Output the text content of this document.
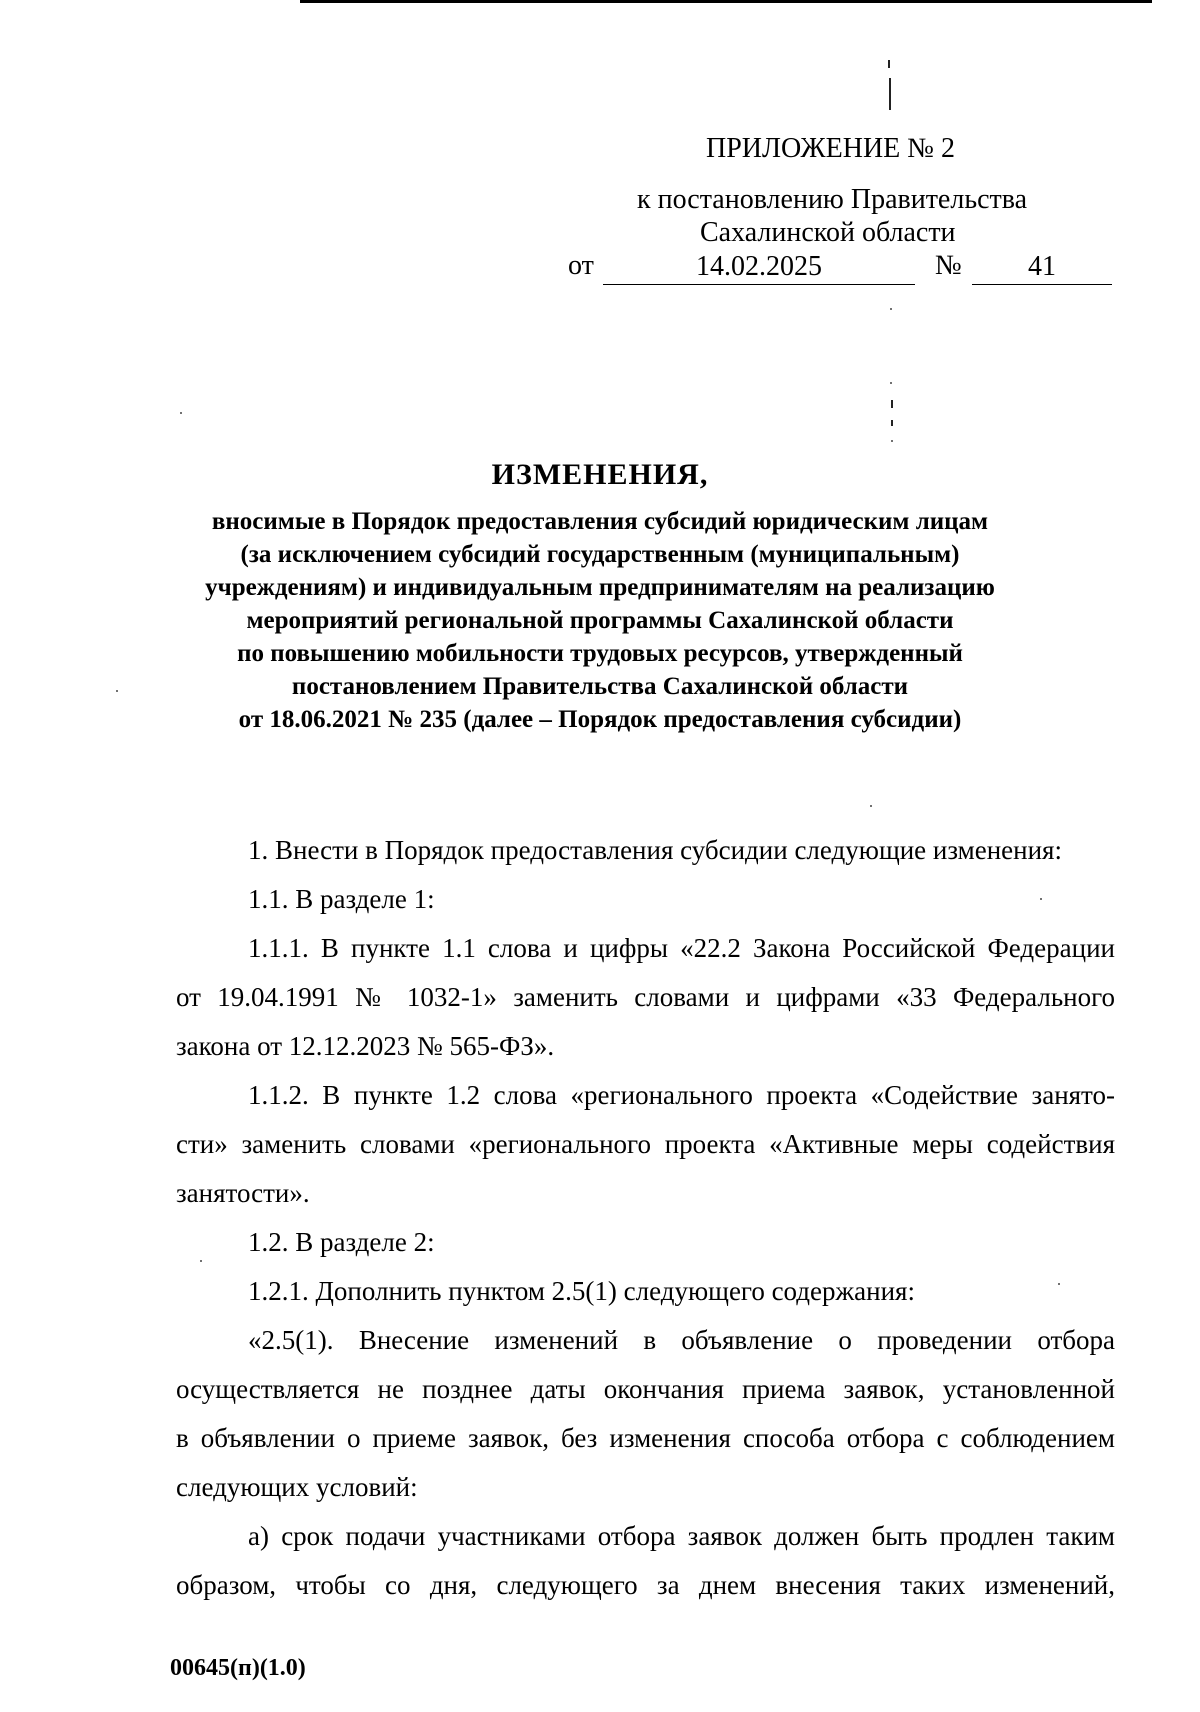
ПРИЛОЖЕНИЕ № 2
к постановлению Правительства
Сахалинской области
от	14.02.2025	№	41
ИЗМЕНЕНИЯ,
вносимые в Порядок предоставления субсидий юридическим лицам
(за исключением субсидий государственным (муниципальным)
учреждениям) и индивидуальным предпринимателям на реализацию
мероприятий региональной программы Сахалинской области
по повышению мобильности трудовых ресурсов, утвержденный
постановлением Правительства Сахалинской области
от 18.06.2021 № 235 (далее – Порядок предоставления субсидии)

1. Внести в Порядок предоставления субсидии следующие изменения:

1.1. В разделе 1:

1.1.1. В пункте 1.1 слова и цифры «22.2 Закона Российской Федерации
от 19.04.1991 № 1032-1» заменить словами и цифрами «33 Федерального
закона от 12.12.2023 № 565-ФЗ».
1.1.2. В пункте 1.2 слова «регионального проекта «Содействие занято-
сти» заменить словами «регионального проекта «Активные меры содействия
занятости».

1.2. В разделе 2:

1.2.1. Дополнить пунктом 2.5(1) следующего содержания:

«2.5(1). Внесение изменений в объявление о проведении отбора
осуществляется не позднее даты окончания приема заявок, установленной
в объявлении о приеме заявок, без изменения способа отбора с соблюдением
следующих условий:
а) срок подачи участниками отбора заявок должен быть продлен таким
образом, чтобы со дня, следующего за днем внесения таких изменений,
00645(п)(1.0)
